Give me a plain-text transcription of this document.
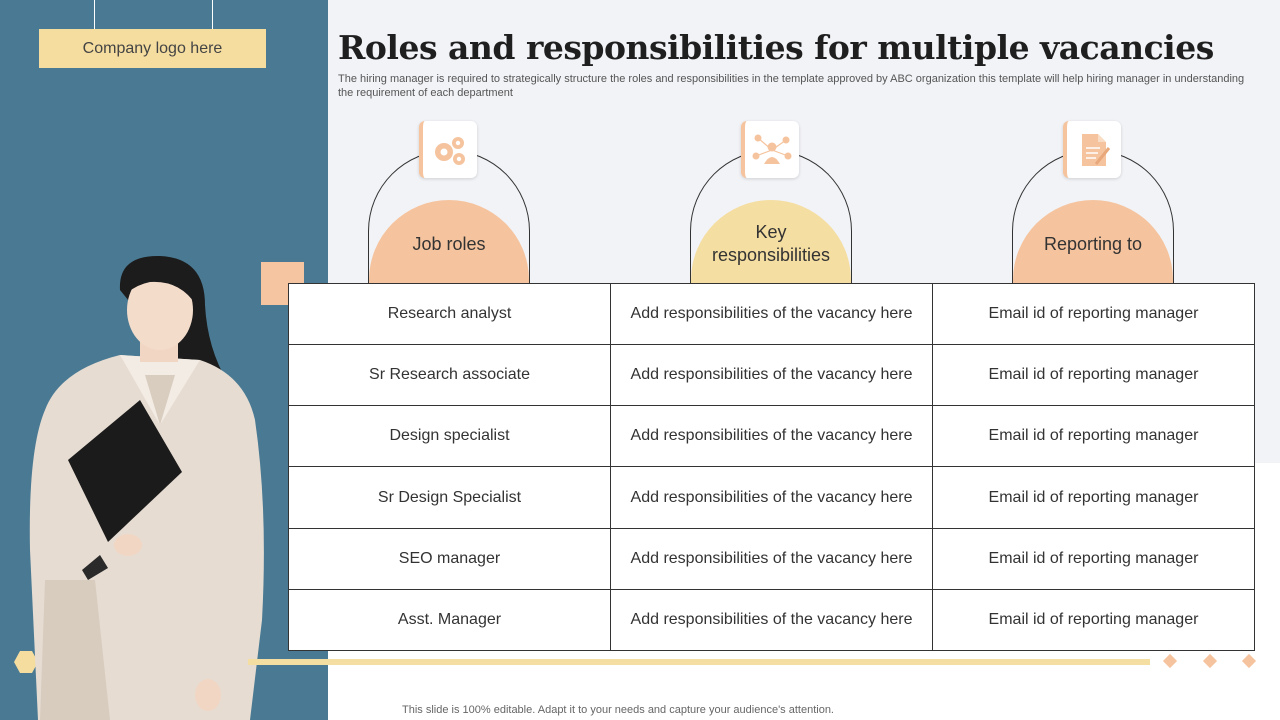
Company logo here	Roles and responsibilities for multiple vacancies
The hiring manager is required to strategically structure the roles and responsibilities in the template approved by ABC organization this template will help hiring manager in understanding the requirement of each department
Job roles
Key responsibilities
Reporting to
Research analyst	Add responsibilities of the vacancy here	Email id of reporting manager
Sr Research associate	Add responsibilities of the vacancy here	Email id of reporting manager
Design specialist	Add responsibilities of the vacancy here	Email id of reporting manager
Sr Design Specialist	Add responsibilities of the vacancy here	Email id of reporting manager
SEO manager	Add responsibilities of the vacancy here	Email id of reporting manager
Asst. Manager	Add responsibilities of the vacancy here	Email id of reporting manager
This slide is 100% editable. Adapt it to your needs and capture your audience's attention.
